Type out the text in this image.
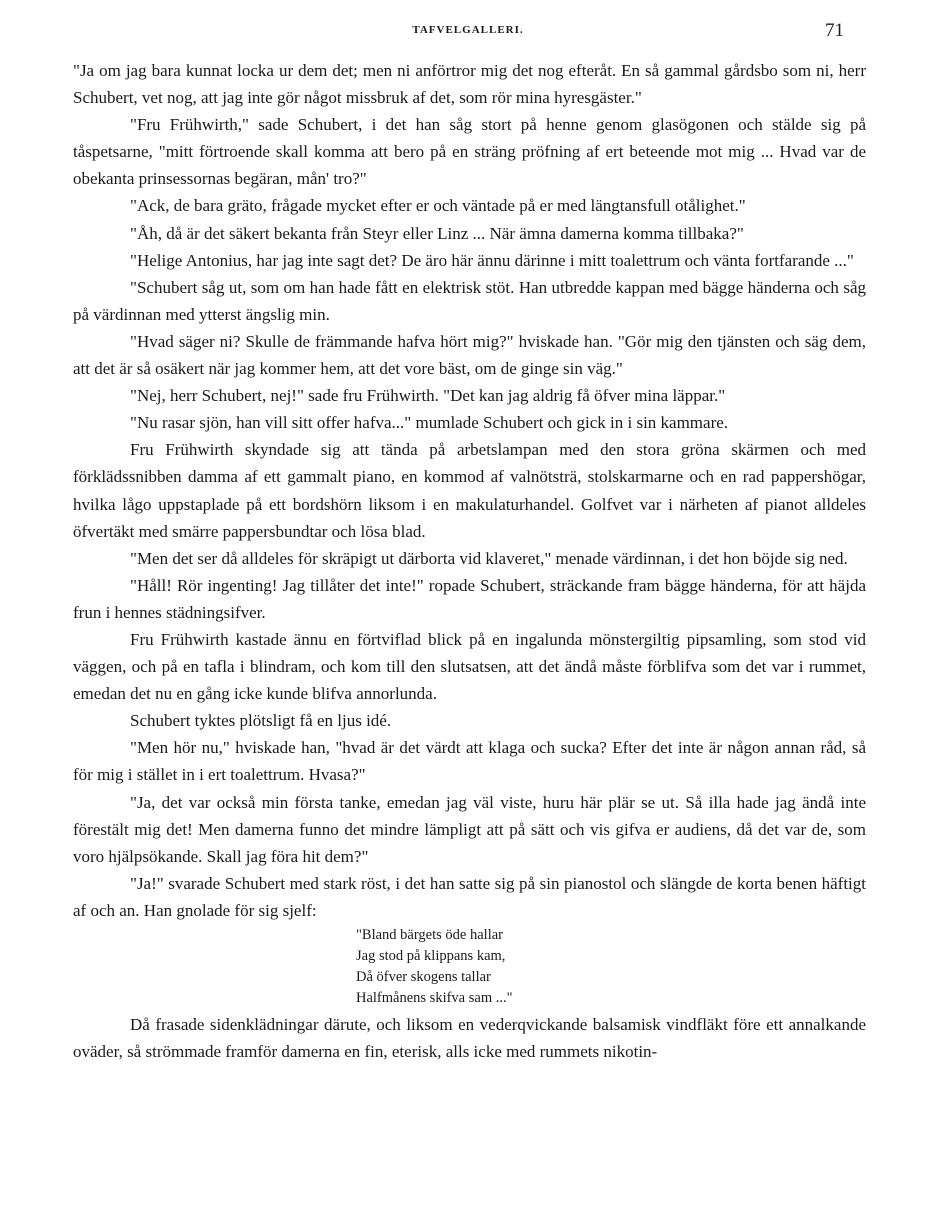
TAFVELGALLERI.	71

"Ja om jag bara kunnat locka ur dem det; men ni anförtror mig det nog efteråt. En så gammal gårdsbo som ni, herr Schubert, vet nog, att jag inte gör något missbruk af det, som rör mina hyresgäster."

"Fru Frühwirth," sade Schubert, i det han såg stort på henne genom glasögonen och stälde sig på tåspetsarne, "mitt förtroende skall komma att bero på en sträng pröfning af ert beteende mot mig ... Hvad var de obekanta prinsessornas begäran, mån' tro?"

"Ack, de bara gräto, frågade mycket efter er och väntade på er med längtansfull otålighet."

"Åh, då är det säkert bekanta från Steyr eller Linz ... När ämna damerna komma tillbaka?"

"Helige Antonius, har jag inte sagt det? De äro här ännu därinne i mitt toalettrum och vänta fortfarande ..."

"Schubert såg ut, som om han hade fått en elektrisk stöt. Han utbredde kappan med bägge händerna och såg på värdinnan med ytterst ängslig min.

"Hvad säger ni? Skulle de främmande hafva hört mig?" hviskade han. "Gör mig den tjänsten och säg dem, att det är så osäkert när jag kommer hem, att det vore bäst, om de ginge sin väg."

"Nej, herr Schubert, nej!" sade fru Frühwirth. "Det kan jag aldrig få öfver mina läppar."

"Nu rasar sjön, han vill sitt offer hafva..." mumlade Schubert och gick in i sin kammare.

Fru Frühwirth skyndade sig att tända på arbetslampan med den stora gröna skärmen och med förklädssnibben damma af ett gammalt piano, en kommod af valnötsträ, stolskarmarne och en rad pappershögar, hvilka lågo uppstaplade på ett bordshörn liksom i en makulaturhandel. Golfvet var i närheten af pianot alldeles öfvertäkt med smärre pappersbundtar och lösa blad.

"Men det ser då alldeles för skräpigt ut därborta vid klaveret," menade värdinnan, i det hon böjde sig ned.

"Håll! Rör ingenting! Jag tillåter det inte!" ropade Schubert, sträckande fram bägge händerna, för att häjda frun i hennes städningsifver.

Fru Frühwirth kastade ännu en förtviflad blick på en ingalunda mönstergiltig pipsamling, som stod vid väggen, och på en tafla i blindram, och kom till den slutsatsen, att det ändå måste förblifva som det var i rummet, emedan det nu en gång icke kunde blifva annorlunda.

Schubert tyktes plötsligt få en ljus idé.

"Men hör nu," hviskade han, "hvad är det värdt att klaga och sucka? Efter det inte är någon annan råd, så för mig i stället in i ert toalettrum. Hvasa?"

"Ja, det var också min första tanke, emedan jag väl viste, huru här plär se ut. Så illa hade jag ändå inte förestält mig det! Men damerna funno det mindre lämpligt att på sätt och vis gifva er audiens, då det var de, som voro hjälpsökande. Skall jag föra hit dem?"

"Ja!" svarade Schubert med stark röst, i det han satte sig på sin pianostol och slängde de korta benen häftigt af och an. Han gnolade för sig sjelf:

"Bland bärgets öde hallar
Jag stod på klippans kam,
Då öfver skogens tallar
Halfmånens skifva sam ..."

Då frasade sidenklädningar därute, och liksom en vederqvickande balsamisk vindfläkt före ett annalkande oväder, så strömmade framför damerna en fin, eterisk, alls icke med rummets nikotin-
